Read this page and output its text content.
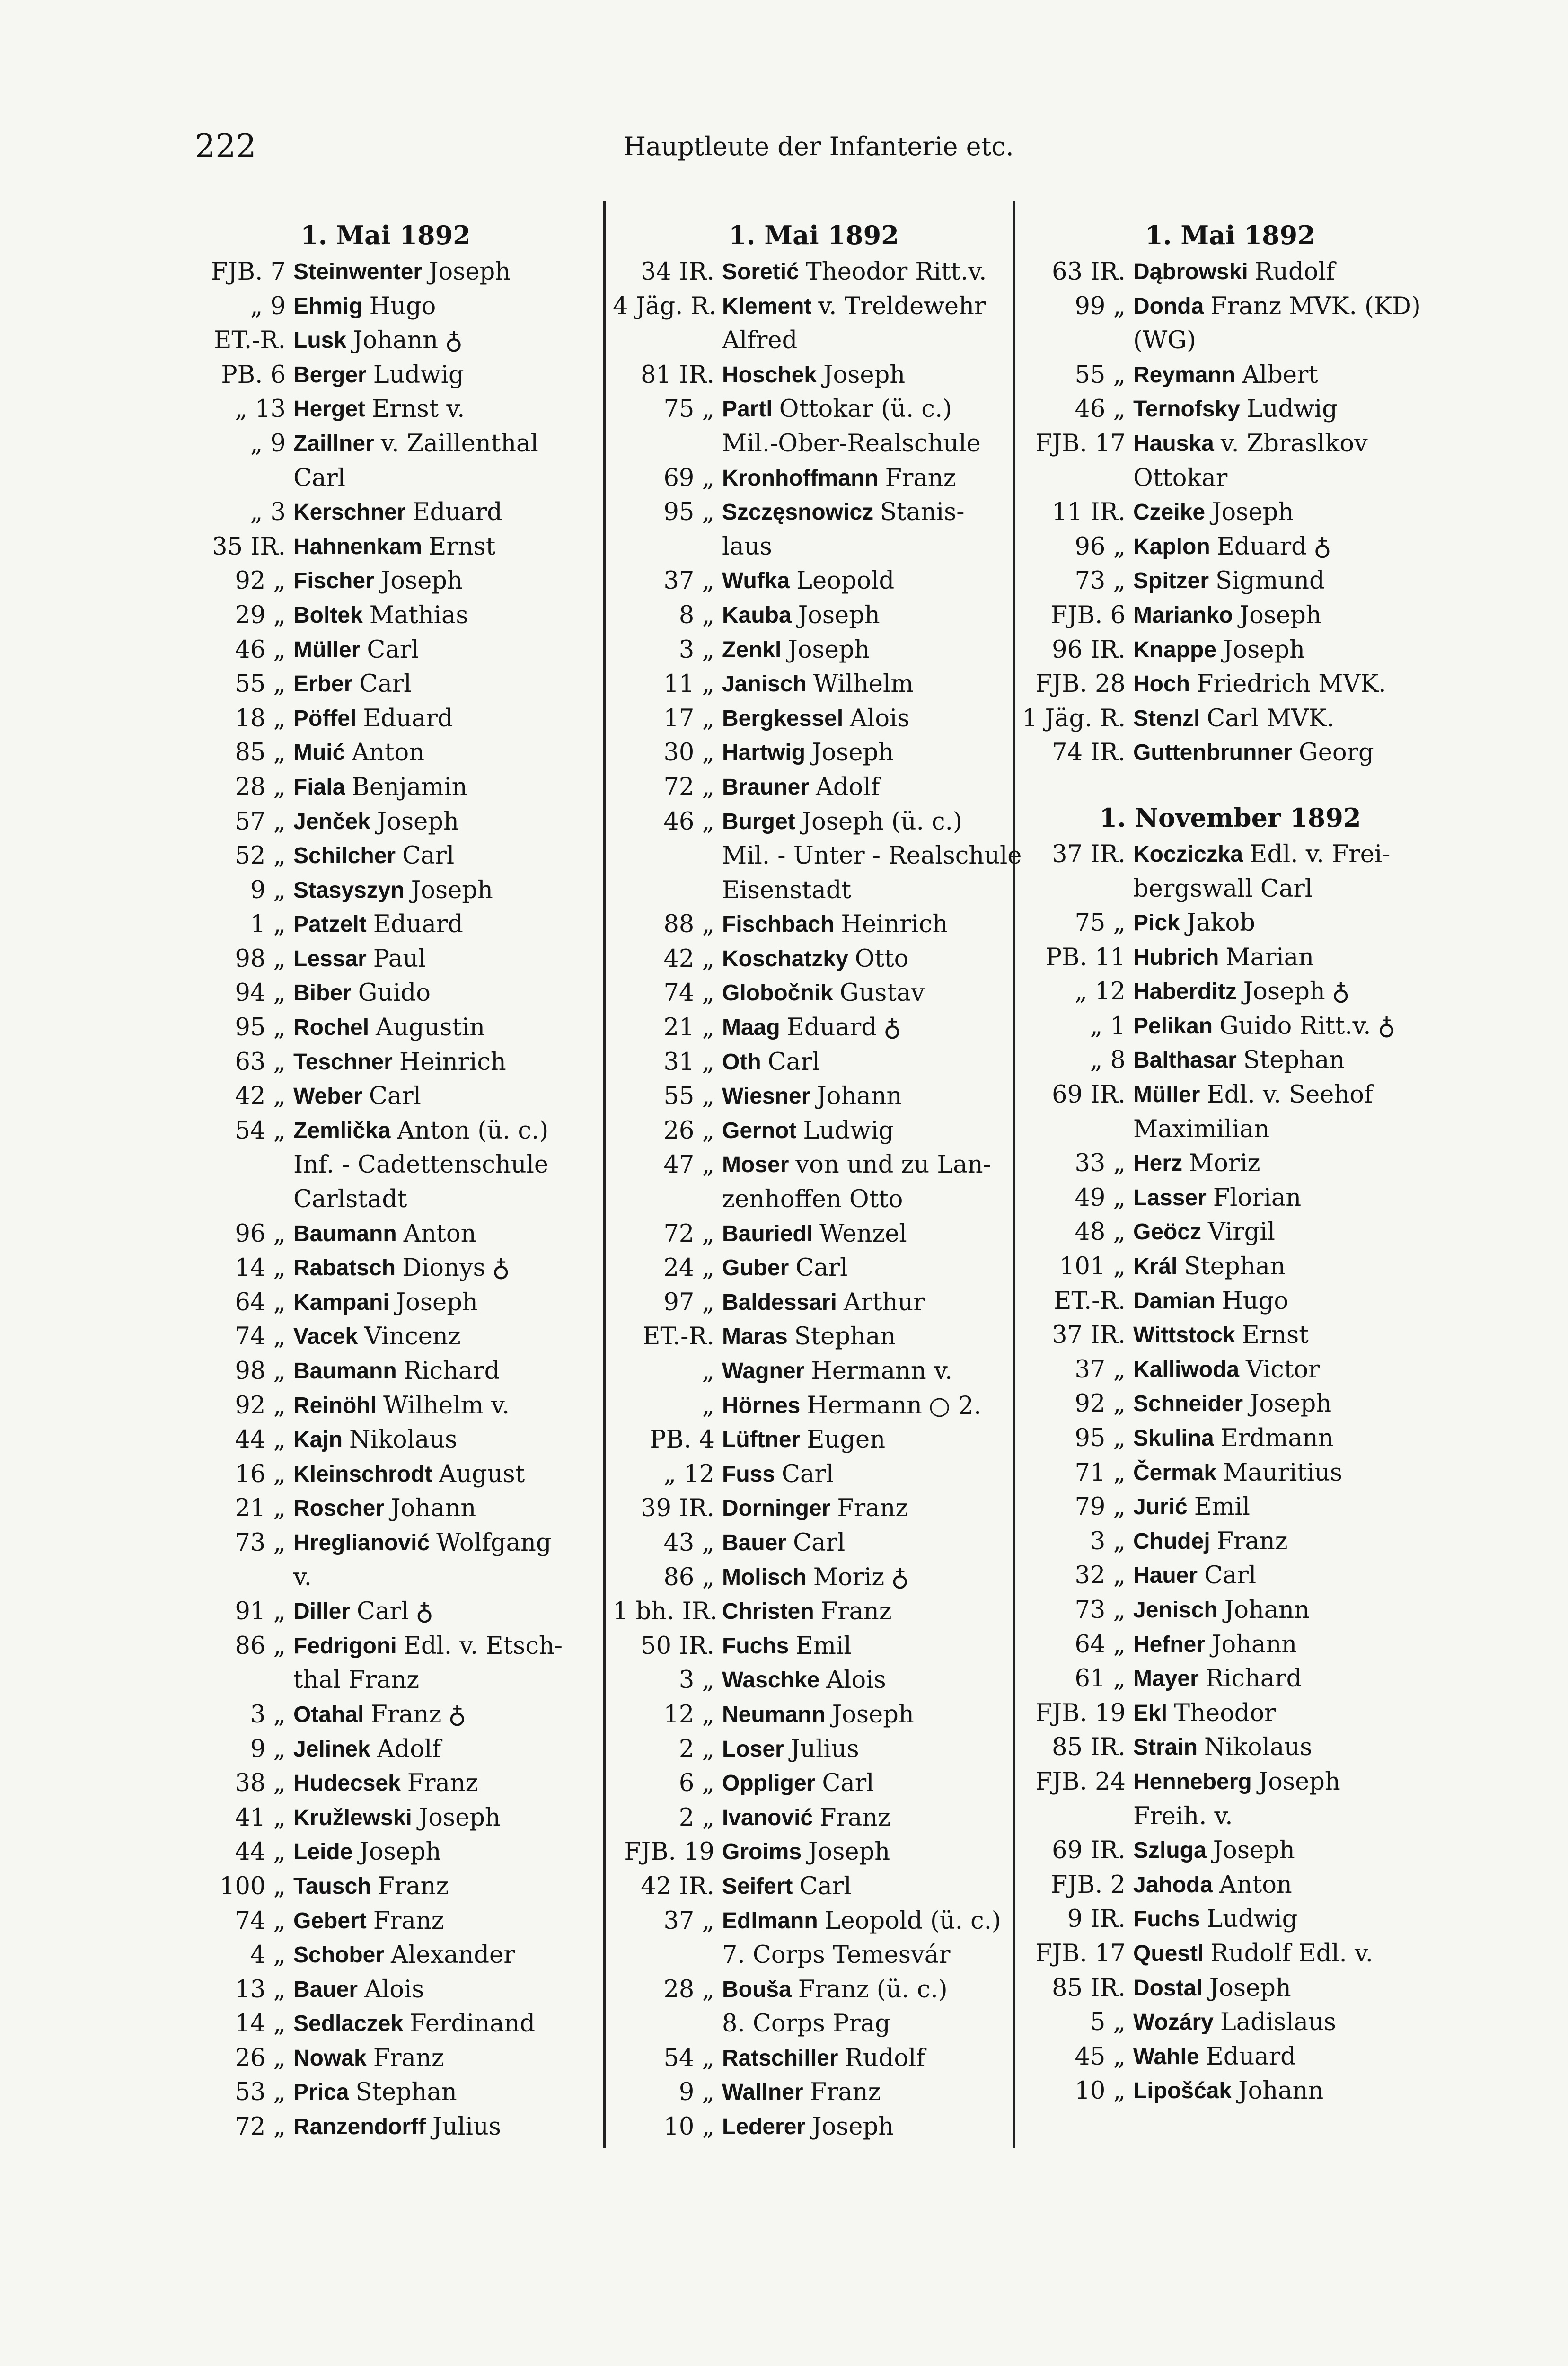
222	Hauptleute der Infanterie etc.
1. Mai 1892
FJB. 7 Steinwenter Joseph
„ 9 Ehmig Hugo
ET.-R. Lusk Johann ♁
PB. 6 Berger Ludwig
„ 13 Herget Ernst v.
„ 9 Zaillner v. Zaillenthal
Carl
„ 3 Kerschner Eduard
35 IR. Hahnenkam Ernst
92 „ Fischer Joseph
29 „ Boltek Mathias
46 „ Müller Carl
55 „ Erber Carl
18 „ Pöffel Eduard
85 „ Muić Anton
28 „ Fiala Benjamin
57 „ Jenček Joseph
52 „ Schilcher Carl
9 „ Stasyszyn Joseph
1 „ Patzelt Eduard
98 „ Lessar Paul
94 „ Biber Guido
95 „ Rochel Augustin
63 „ Teschner Heinrich
42 „ Weber Carl
54 „ Zemlička Anton (ü. c.)
Inf. - Cadettenschule
Carlstadt
96 „ Baumann Anton
14 „ Rabatsch Dionys ♁
64 „ Kampani Joseph
74 „ Vacek Vincenz
98 „ Baumann Richard
92 „ Reinöhl Wilhelm v.
44 „ Kajn Nikolaus
16 „ Kleinschrodt August
21 „ Roscher Johann
73 „ Hreglianović Wolfgang
v.
91 „ Diller Carl ♁
86 „ Fedrigoni Edl. v. Etsch-
thal Franz
3 „ Otahal Franz ♁
9 „ Jelinek Adolf
38 „ Hudecsek Franz
41 „ Kružlewski Joseph
44 „ Leide Joseph
100 „ Tausch Franz
74 „ Gebert Franz
4 „ Schober Alexander
13 „ Bauer Alois
14 „ Sedlaczek Ferdinand
26 „ Nowak Franz
53 „ Prica Stephan
72 „ Ranzendorff Julius
1. Mai 1892
34 IR. Soretić Theodor Ritt.v.
4 Jäg. R. Klement v. Treldewehr
Alfred
81 IR. Hoschek Joseph
75 „ Partl Ottokar (ü. c.)
Mil.-Ober-Realschule
69 „ Kronhoffmann Franz
95 „ Szczęsnowicz Stanis-
laus
37 „ Wufka Leopold
8 „ Kauba Joseph
3 „ Zenkl Joseph
11 „ Janisch Wilhelm
17 „ Bergkessel Alois
30 „ Hartwig Joseph
72 „ Brauner Adolf
46 „ Burget Joseph (ü. c.)
Mil. - Unter - Realschule
Eisenstadt
88 „ Fischbach Heinrich
42 „ Koschatzky Otto
74 „ Globočnik Gustav
21 „ Maag Eduard ♁
31 „ Oth Carl
55 „ Wiesner Johann
26 „ Gernot Ludwig
47 „ Moser von und zu Lan-
zenhoffen Otto
72 „ Bauriedl Wenzel
24 „ Guber Carl
97 „ Baldessari Arthur
ET.-R. Maras Stephan
„ Wagner Hermann v.
„ Hörnes Hermann ○ 2.
PB. 4 Lüftner Eugen
„ 12 Fuss Carl
39 IR. Dorninger Franz
43 „ Bauer Carl
86 „ Molisch Moriz ♁
1 bh. IR. Christen Franz
50 IR. Fuchs Emil
3 „ Waschke Alois
12 „ Neumann Joseph
2 „ Loser Julius
6 „ Oppliger Carl
2 „ Ivanović Franz
FJB. 19 Groims Joseph
42 IR. Seifert Carl
37 „ Edlmann Leopold (ü. c.)
7. Corps Temesvár
28 „ Bouša Franz (ü. c.)
8. Corps Prag
54 „ Ratschiller Rudolf
9 „ Wallner Franz
10 „ Lederer Joseph
1. Mai 1892
63 IR. Dąbrowski Rudolf
99 „ Donda Franz MVK. (KD)
(WG)
55 „ Reymann Albert
46 „ Ternofsky Ludwig
FJB. 17 Hauska v. Zbraslkov
Ottokar
11 IR. Czeike Joseph
96 „ Kaplon Eduard ♁
73 „ Spitzer Sigmund
FJB. 6 Marianko Joseph
96 IR. Knappe Joseph
FJB. 28 Hoch Friedrich MVK.
1 Jäg. R. Stenzl Carl MVK.
74 IR. Guttenbrunner Georg
1. November 1892
37 IR. Kocziczka Edl. v. Frei-
bergswall Carl
75 „ Pick Jakob
PB. 11 Hubrich Marian
„ 12 Haberditz Joseph ♁
„ 1 Pelikan Guido Ritt.v. ♁
„ 8 Balthasar Stephan
69 IR. Müller Edl. v. Seehof
Maximilian
33 „ Herz Moriz
49 „ Lasser Florian
48 „ Geöcz Virgil
101 „ Král Stephan
ET.-R. Damian Hugo
37 IR. Wittstock Ernst
37 „ Kalliwoda Victor
92 „ Schneider Joseph
95 „ Skulina Erdmann
71 „ Čermak Mauritius
79 „ Jurić Emil
3 „ Chudej Franz
32 „ Hauer Carl
73 „ Jenisch Johann
64 „ Hefner Johann
61 „ Mayer Richard
FJB. 19 Ekl Theodor
85 IR. Strain Nikolaus
FJB. 24 Henneberg Joseph
Freih. v.
69 IR. Szluga Joseph
FJB. 2 Jahoda Anton
9 IR. Fuchs Ludwig
FJB. 17 Questl Rudolf Edl. v.
85 IR. Dostal Joseph
5 „ Wozáry Ladislaus
45 „ Wahle Eduard
10 „ Lipošćak Johann
